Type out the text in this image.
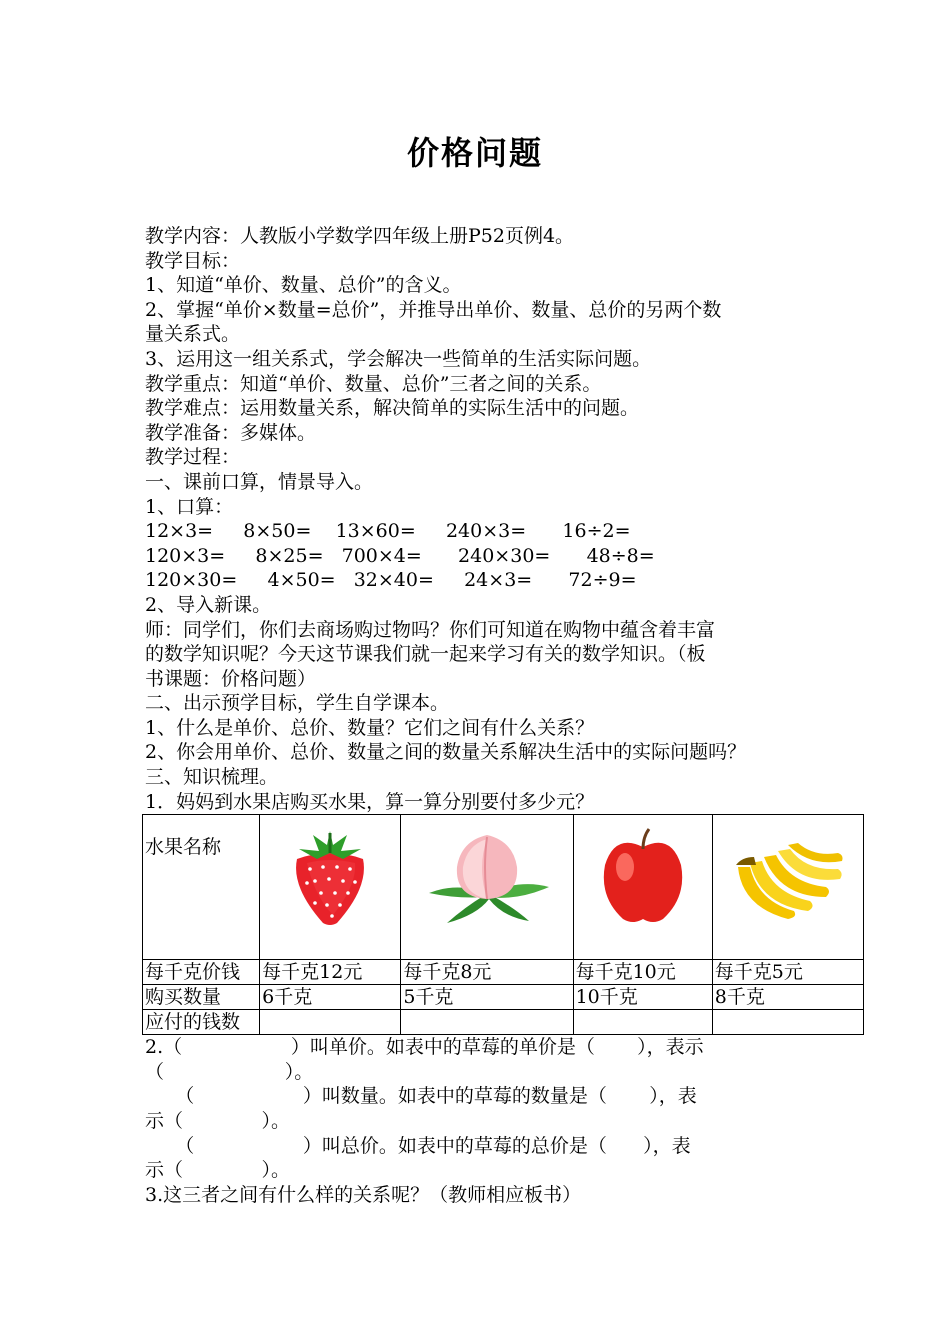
价格问题
教学内容：人教版小学数学四年级上册P52页例4。
教学目标：
1、知道“单价、数量、总价”的含义。
2、掌握“单价×数量=总价”，并推导出单价、数量、总价的另两个数
量关系式。
3、运用这一组关系式，学会解决一些简单的生活实际问题。
教学重点：知道“单价、数量、总价”三者之间的关系。
教学难点：运用数量关系，解决简单的实际生活中的问题。
教学准备：多媒体。
教学过程：
一、课前口算，情景导入。
1、口算：
12×3=     8×50=    13×60=     240×3=      16÷2=
120×3=     8×25=   700×4=      240×30=      48÷8=
120×30=     4×50=   32×40=     24×3=      72÷9=
2、导入新课。
师：同学们，你们去商场购过物吗？你们可知道在购物中蕴含着丰富
的数学知识呢？今天这节课我们就一起来学习有关的数学知识。（板
书课题：价格问题）
二、出示预学目标，学生自学课本。
1、什么是单价、总价、数量？它们之间有什么关系？
2、你会用单价、总价、数量之间的数量关系解决生活中的实际问题吗？
三、知识梳理。
1．妈妈到水果店购买水果，算一算分别要付多少元？
水果名称	

每千克价钱	每千克12元	每千克8元	每千克10元	每千克5元
购买数量	6千克	5千克	10千克	8千克
应付的钱数				
2.（                  ）叫单价。如表中的草莓的单价是（       ），表示
（                    ）。
（                  ）叫数量。如表中的草莓的数量是（       ），表
示（             ）。
（                  ）叫总价。如表中的草莓的总价是（      ），表
示（             ）。
3.这三者之间有什么样的关系呢？（教师相应板书）
